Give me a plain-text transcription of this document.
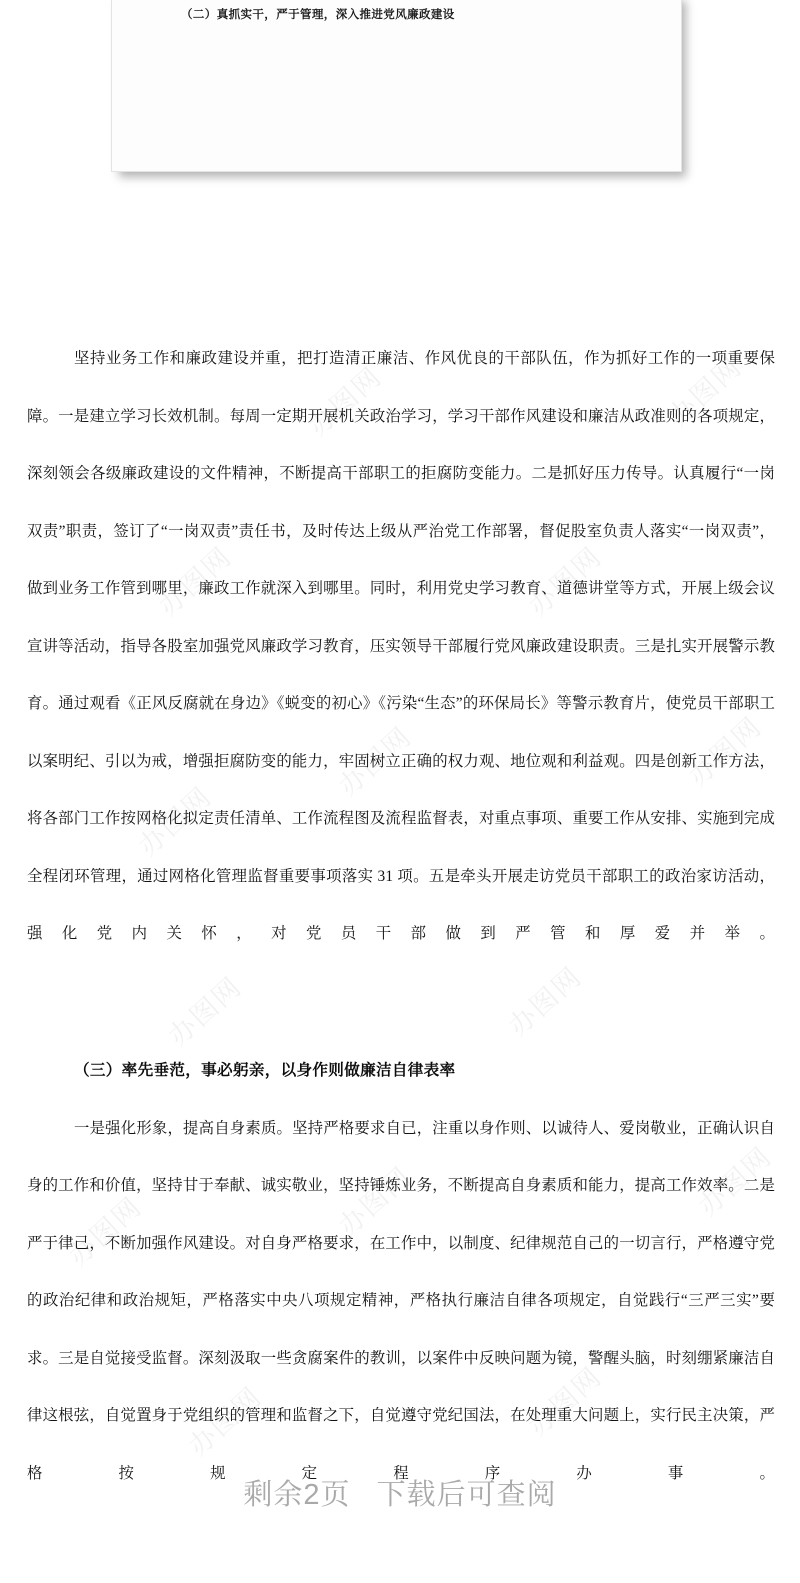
（二）真抓实干，严于管理，深入推进党风廉政建设

坚持业务工作和廉政建设并重，把打造清正廉洁、作风优良的干部队伍，作为抓好工作的一项重要保障。一是建立学习长效机制。每周一定期开展机关政治学习，学习干部作风建设和廉洁从政准则的各项规定，深刻领会各级廉政建设的文件精神，不断提高干部职工的拒腐防变能力。二是抓好压力传导。认真履行“一岗双责”职责，签订了“一岗双责”责任书，及时传达上级从严治党工作部署，督促股室负责人落实“一岗双责”，做到业务工作管到哪里，廉政工作就深入到哪里。同时，利用党史学习教育、道德讲堂等方式，开展上级会议宣讲等活动，指导各股室加强党风廉政学习教育，压实领导干部履行党风廉政建设职责。三是扎实开展警示教育。通过观看《正风反腐就在身边》《蜕变的初心》《污染“生态”的环保局长》等警示教育片，使党员干部职工以案明纪、引以为戒，增强拒腐防变的能力，牢固树立正确的权力观、地位观和利益观。四是创新工作方法，将各部门工作按网格化拟定责任清单、工作流程图及流程监督表，对重点事项、重要工作从安排、实施到完成全程闭环管理，通过网格化管理监督重要事项落实 31 项。五是牵头开展走访党员干部职工的政治家访活动，强化党内关怀，对党员干部做到严管和厚爱并举。

（三）率先垂范，事必躬亲，以身作则做廉洁自律表率

一是强化形象，提高自身素质。坚持严格要求自已，注重以身作则、以诚待人、爱岗敬业，正确认识自身的工作和价值，坚持甘于奉献、诚实敬业，坚持锤炼业务，不断提高自身素质和能力，提高工作效率。二是严于律己，不断加强作风建设。对自身严格要求，在工作中，以制度、纪律规范自己的一切言行，严格遵守党的政治纪律和政治规矩，严格落实中央八项规定精神，严格执行廉洁自律各项规定，自觉践行“三严三实”要求。三是自觉接受监督。深刻汲取一些贪腐案件的教训，以案件中反映问题为镜，警醒头脑，时刻绷紧廉洁自律这根弦，自觉置身于党组织的管理和监督之下，自觉遵守党纪国法，在处理重大问题上，实行民主决策，严格按规定程序办事。

办图网	办图网
办图网	办图网
办图网
办图网
办图网
办图网	办图网
办图网
办图网
办图网
办图网	办图网
剩余2页 下载后可查阅
